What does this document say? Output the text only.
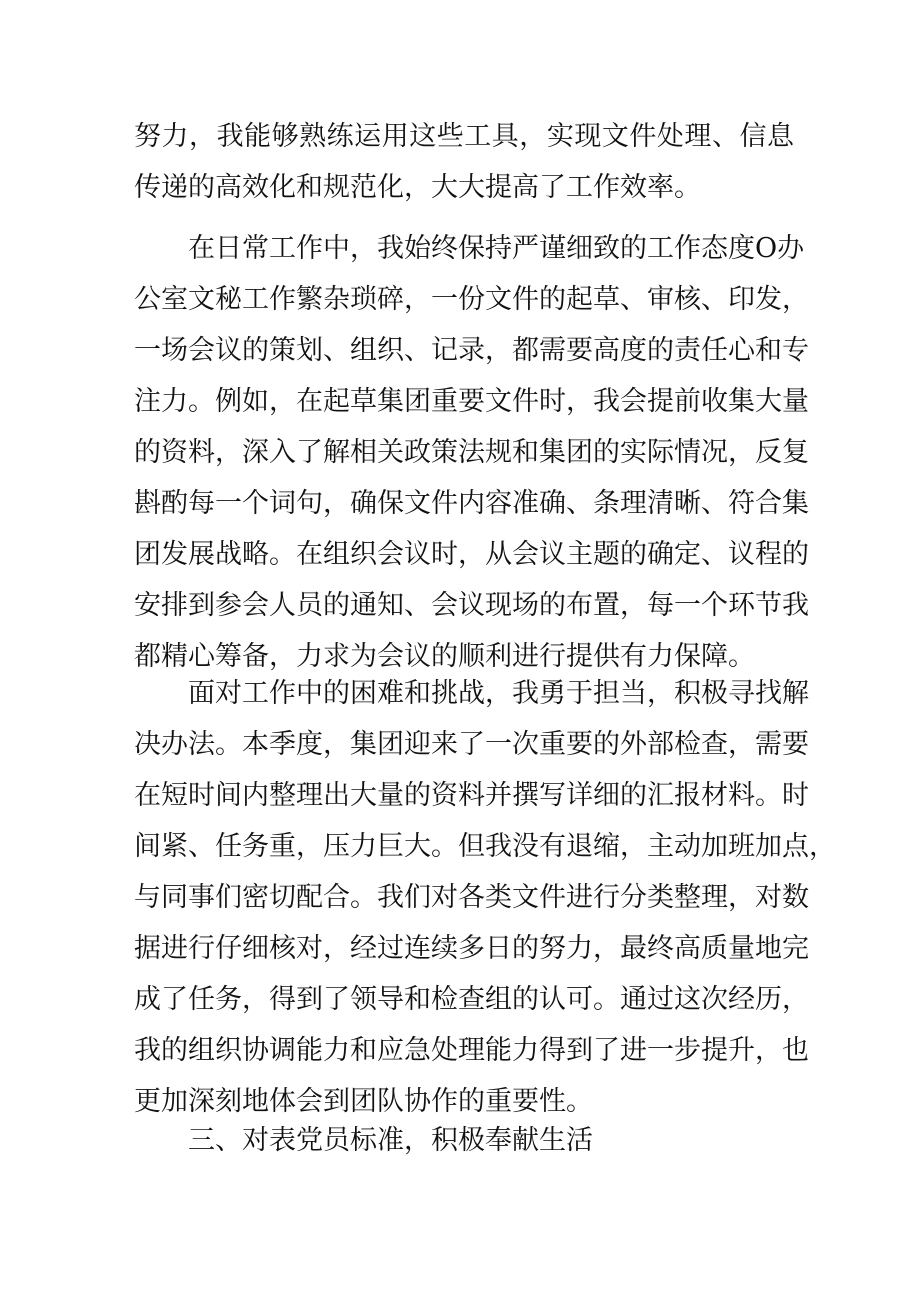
努力，我能够熟练运用这些工具，实现文件处理、信息
传递的高效化和规范化，大大提高了工作效率。
在日常工作中，我始终保持严谨细致的工作态度O办
公室文秘工作繁杂琐碎，一份文件的起草、审核、印发，
一场会议的策划、组织、记录，都需要高度的责任心和专
注力。例如，在起草集团重要文件时，我会提前收集大量
的资料，深入了解相关政策法规和集团的实际情况，反复
斟酌每一个词句，确保文件内容准确、条理清晰、符合集
团发展战略。在组织会议时，从会议主题的确定、议程的
安排到参会人员的通知、会议现场的布置，每一个环节我
都精心筹备，力求为会议的顺利进行提供有力保障。
面对工作中的困难和挑战，我勇于担当，积极寻找解
决办法。本季度，集团迎来了一次重要的外部检查，需要
在短时间内整理出大量的资料并撰写详细的汇报材料。时
间紧、任务重，压力巨大。但我没有退缩，主动加班加点，
与同事们密切配合。我们对各类文件进行分类整理，对数
据进行仔细核对，经过连续多日的努力，最终高质量地完
成了任务，得到了领导和检查组的认可。通过这次经历，
我的组织协调能力和应急处理能力得到了进一步提升，也
更加深刻地体会到团队协作的重要性。
三、对表党员标准，积极奉献生活
